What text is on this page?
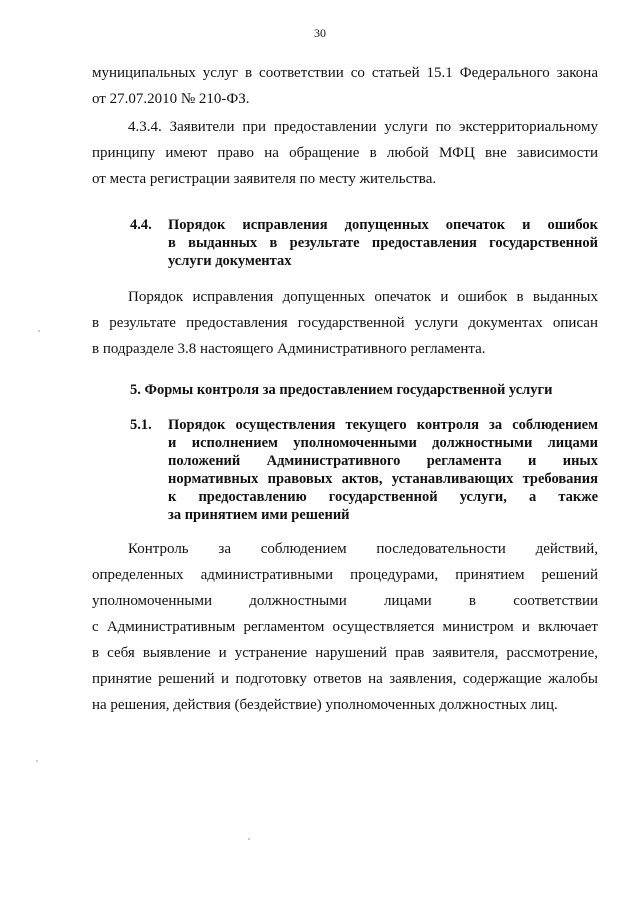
30
муниципальных услуг в соответствии со статьей 15.1 Федерального закона
от 27.07.2010 № 210-ФЗ.
4.3.4. Заявители при предоставлении услуги по экстерриториальному
принципу имеют право на обращение в любой МФЦ вне зависимости
от места регистрации заявителя по месту жительства.
4.4. Порядок исправления допущенных опечаток и ошибок
в выданных в результате предоставления государственной
услуги документах
Порядок исправления допущенных опечаток и ошибок в выданных
в результате предоставления государственной услуги документах описан
в подразделе 3.8 настоящего Административного регламента.
5. Формы контроля за предоставлением государственной услуги
5.1. Порядок осуществления текущего контроля за соблюдением
и исполнением уполномоченными должностными лицами
положений Административного регламента и иных
нормативных правовых актов, устанавливающих требования
к предоставлению государственной услуги, а также
за принятием ими решений
Контроль за соблюдением последовательности действий,
определенных административными процедурами, принятием решений
уполномоченными должностными лицами в соответствии
с Административным регламентом осуществляется министром и включает
в себя выявление и устранение нарушений прав заявителя, рассмотрение,
принятие решений и подготовку ответов на заявления, содержащие жалобы
на решения, действия (бездействие) уполномоченных должностных лиц.
